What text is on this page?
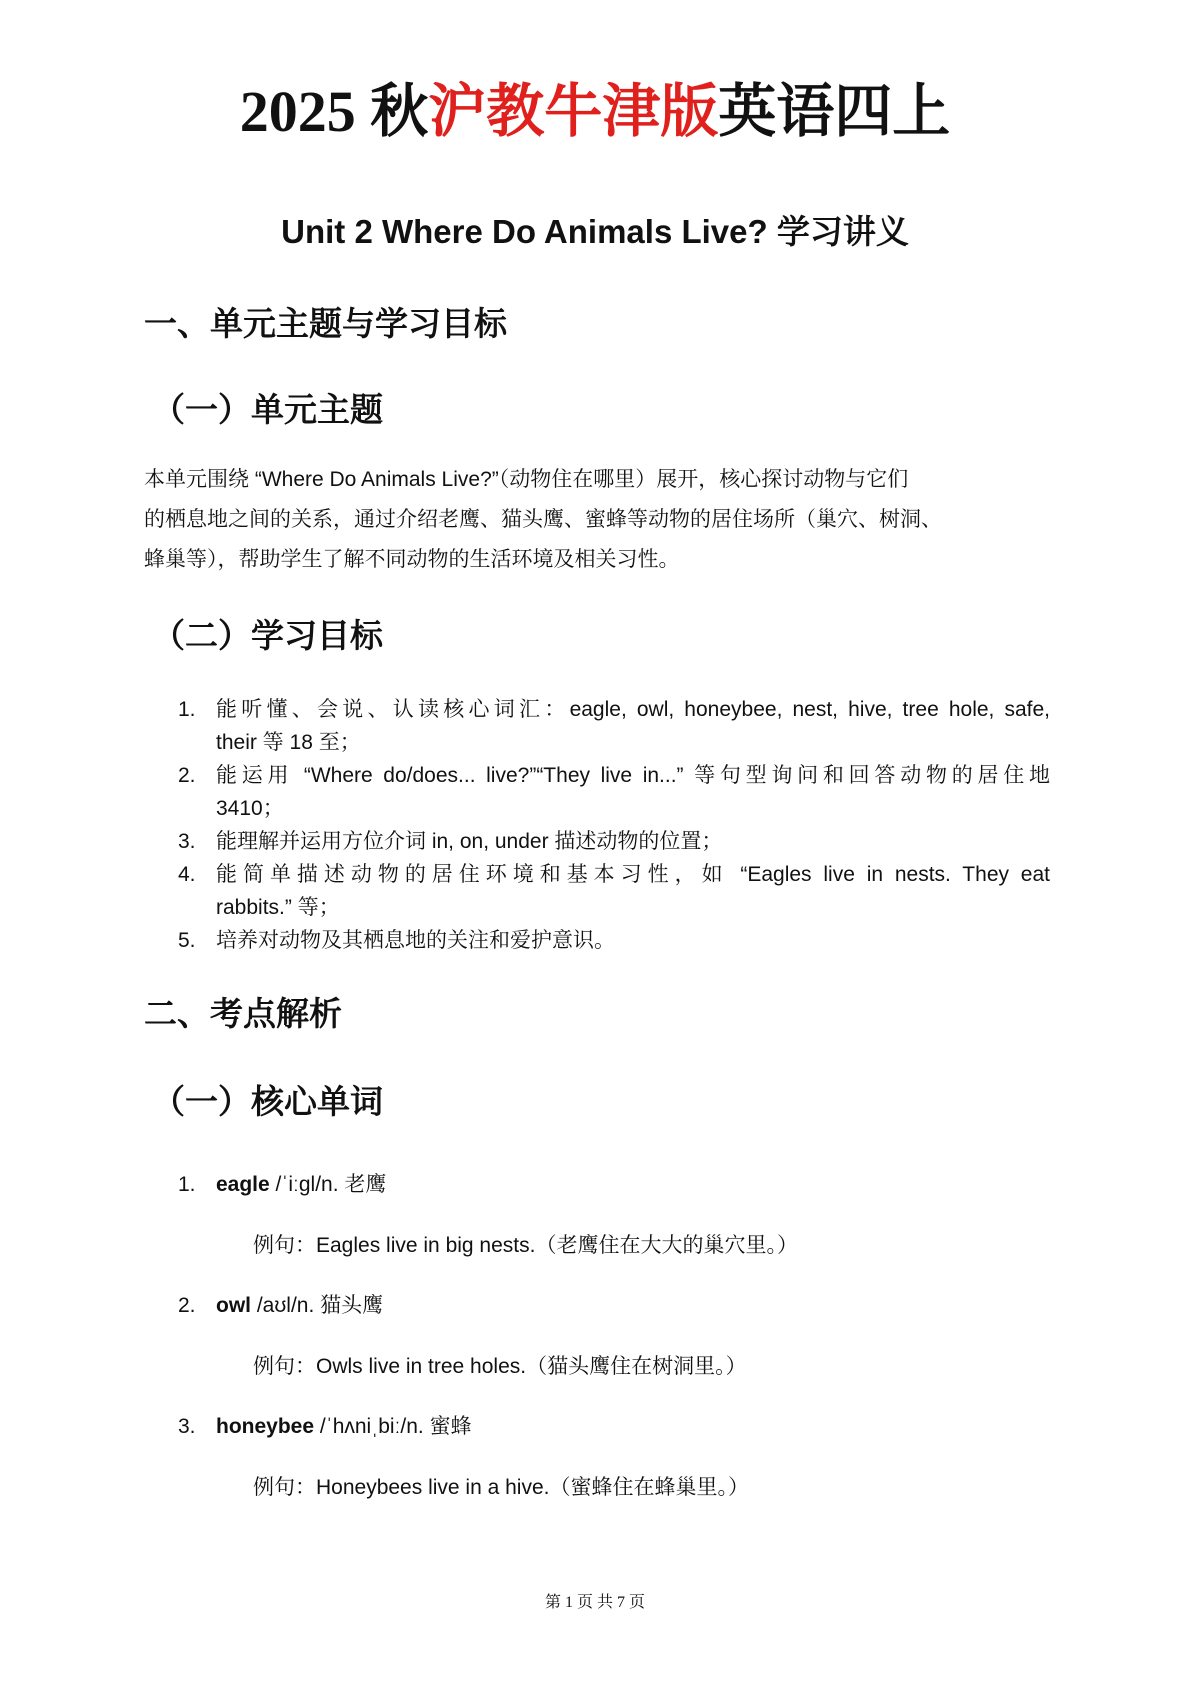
2025 秋沪教牛津版英语四上
Unit 2 Where Do Animals Live? 学习讲义
一、单元主题与学习目标
（一）单元主题

本单元围绕 “Where Do Animals Live?”（动物住在哪里）展开，核心探讨动物与它们

的栖息地之间的关系，通过介绍老鹰、猫头鹰、蜜蜂等动物的居住场所（巢穴、树洞、

蜂巢等），帮助学生了解不同动物的生活环境及相关习性。

（二）学习目标
1. 能听懂、会说、认读核心词汇：eagle, owl, honeybee, nest, hive, tree hole, safe,
their 等 18 至；
2. 能运用 “Where do/does... live?”“They live in...” 等句型询问和回答动物的居住地
3410；
3. 能理解并运用方位介词 in, on, under 描述动物的位置；
4. 能简单描述动物的居住环境和基本习性，如 “Eagles live in nests. They eat
rabbits.” 等；
5. 培养对动物及其栖息地的关注和爱护意识。
二、考点解析
（一）核心单词
1. eagle /ˈiːɡl/n. 老鹰
例句：Eagles live in big nests.（老鹰住在大大的巢穴里。）
2. owl /aʊl/n. 猫头鹰
例句：Owls live in tree holes.（猫头鹰住在树洞里。）
3. honeybee /ˈhʌniˌbiː/n. 蜜蜂
例句：Honeybees live in a hive.（蜜蜂住在蜂巢里。）
第 1 页 共 7 页
